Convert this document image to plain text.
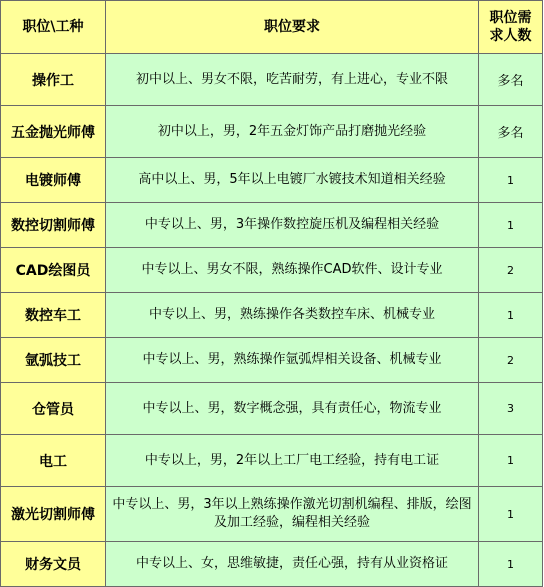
职位\工种	职位要求	职位需求人数

操作工	初中以上、男女不限，吃苦耐劳，有上进心，专业不限	多名
五金抛光师傅	初中以上，男，2年五金灯饰产品打磨抛光经验	多名
电镀师傅	高中以上、男，5年以上电镀厂水镀技术知道相关经验	1
数控切割师傅	中专以上、男，3年操作数控旋压机及编程相关经验	1
CAD绘图员	中专以上、男女不限，熟练操作CAD软件、设计专业	2
数控车工	中专以上、男，熟练操作各类数控车床、机械专业	1
氩弧技工	中专以上、男，熟练操作氩弧焊相关设备、机械专业	2
仓管员	中专以上、男，数字概念强，具有责任心，物流专业	3
电工	中专以上，男，2年以上工厂电工经验，持有电工证	1
激光切割师傅	中专以上、男，3年以上熟练操作激光切割机编程、排版，绘图及加工经验，编程相关经验	1
财务文员	中专以上、女，思维敏捷，责任心强，持有从业资格证	1
